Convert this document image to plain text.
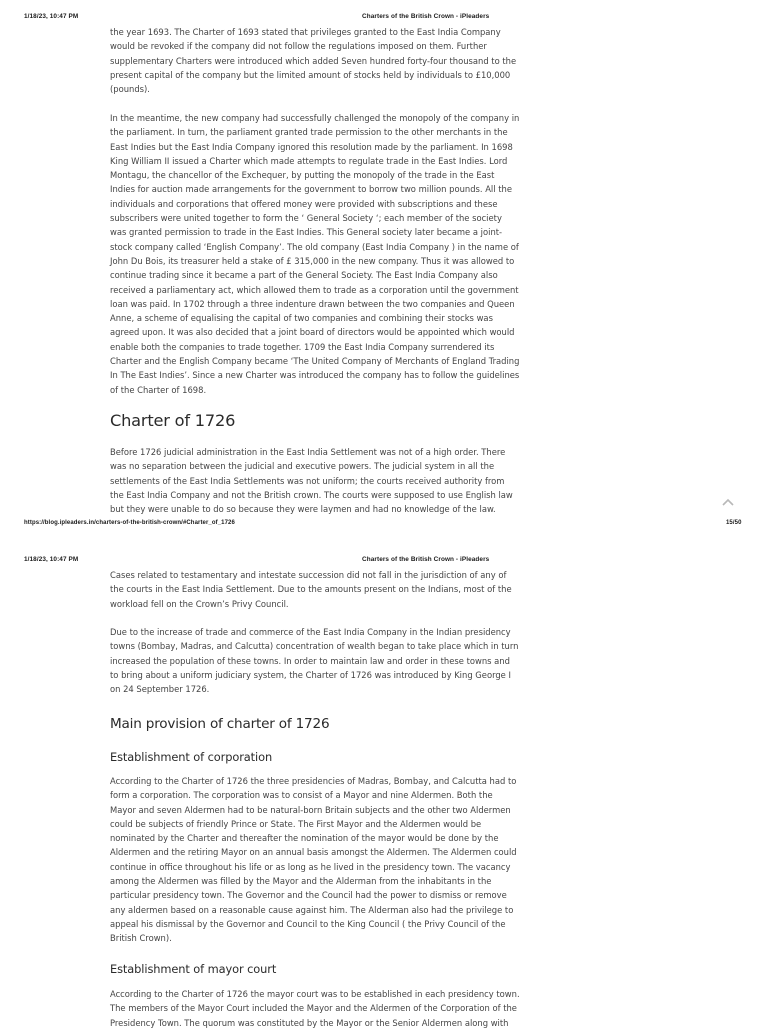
1/18/23, 10:47 PM	Charters of the British Crown - iPleaders

the year 1693. The Charter of 1693 stated that privileges granted to the East India Company would be revoked if the company did not follow the regulations imposed on them. Further supplementary Charters were introduced which added Seven hundred forty-four thousand to the present capital of the company but the limited amount of stocks held by individuals to £10,000 (pounds).

In the meantime, the new company had successfully challenged the monopoly of the company in the parliament. In turn, the parliament granted trade permission to the other merchants in the East Indies but the East India Company ignored this resolution made by the parliament. In 1698 King William II issued a Charter which made attempts to regulate trade in the East Indies. Lord Montagu, the chancellor of the Exchequer, by putting the monopoly of the trade in the East Indies for auction made arrangements for the government to borrow two million pounds. All the individuals and corporations that offered money were provided with subscriptions and these subscribers were united together to form the ‘ General Society ‘; each member of the society was granted permission to trade in the East Indies. This General society later became a joint-stock company called ‘English Company’. The old company (East India Company ) in the name of John Du Bois, its treasurer held a stake of £ 315,000 in the new company. Thus it was allowed to continue trading since it became a part of the General Society. The East India Company also received a parliamentary act, which allowed them to trade as a corporation until the government loan was paid. In 1702 through a three indenture drawn between the two companies and Queen Anne, a scheme of equalising the capital of two companies and combining their stocks was agreed upon. It was also decided that a joint board of directors would be appointed which would enable both the companies to trade together. 1709 the East India Company surrendered its Charter and the English Company became ‘The United Company of Merchants of England Trading In The East Indies’. Since a new Charter was introduced the company has to follow the guidelines of the Charter of 1698.

Charter of 1726

Before 1726 judicial administration in the East India Settlement was not of a high order. There was no separation between the judicial and executive powers. The judicial system in all the settlements of the East India Settlements was not uniform; the courts received authority from the East India Company and not the British crown. The courts were supposed to use English law but they were unable to do so because they were laymen and had no knowledge of the law.

https://blog.ipleaders.in/charters-of-the-british-crown/#Charter_of_1726	15/50
1/18/23, 10:47 PM	Charters of the British Crown - iPleaders

Cases related to testamentary and intestate succession did not fall in the jurisdiction of any of the courts in the East India Settlement. Due to the amounts present on the Indians, most of the workload fell on the Crown’s Privy Council.

Due to the increase of trade and commerce of the East India Company in the Indian presidency towns (Bombay, Madras, and Calcutta) concentration of wealth began to take place which in turn increased the population of these towns. In order to maintain law and order in these towns and to bring about a uniform judiciary system, the Charter of 1726 was introduced by King George I on 24 September 1726.

Main provision of charter of 1726
Establishment of corporation

According to the Charter of 1726 the three presidencies of Madras, Bombay, and Calcutta had to form a corporation. The corporation was to consist of a Mayor and nine Aldermen. Both the Mayor and seven Aldermen had to be natural-born Britain subjects and the other two Aldermen could be subjects of friendly Prince or State. The First Mayor and the Aldermen would be nominated by the Charter and thereafter the nomination of the mayor would be done by the Aldermen and the retiring Mayor on an annual basis amongst the Aldermen. The Aldermen could continue in office throughout his life or as long as he lived in the presidency town. The vacancy among the Aldermen was filled by the Mayor and the Alderman from the inhabitants in the particular presidency town. The Governor and the Council had the power to dismiss or remove any aldermen based on a reasonable cause against him. The Alderman also had the privilege to appeal his dismissal by the Governor and Council to the King Council ( the Privy Council of the British Crown).

Establishment of mayor court

According to the Charter of 1726 the mayor court was to be established in each presidency town. The members of the Mayor Court included the Mayor and the Aldermen of the Corporation of the Presidency Town. The quorum was constituted by the Mayor or the Senior Aldermen along with
